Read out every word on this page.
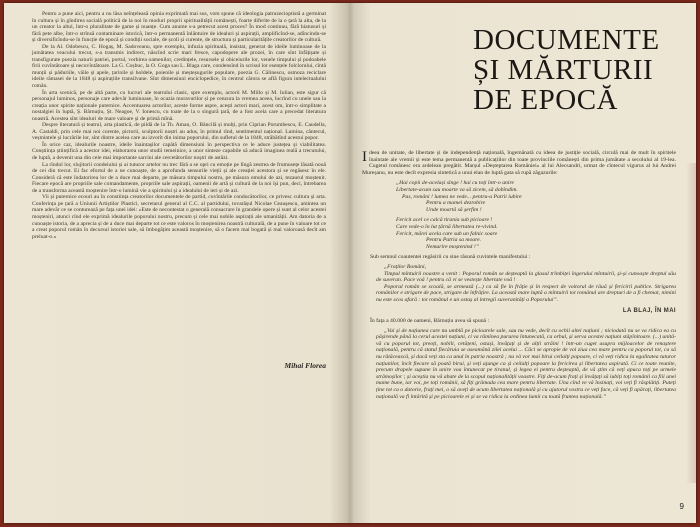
Pentru a pune aici, pentru a nu lăsa neînțeleasă opinia exprimată mai sus, vom spune că ideologia patruzecioptistă a germinat în cultura și în gîndirea socială politică de la noi în moduri proprii spiritualității românești, foarte diferite de la o țară la alta, de la un creator la altul, într-o pluralitate de game și nuanțe. Cum anume s-a petrecut acest proces? În mod continuu, fără hiatusuri și fără pete albe, într-o strînsă contaminare istorică, într-o permanentă înlăntuire de idealuri și aspirații, amplificînd-se, adîncindu-se și diversificîndu-se în funcție de epocă și condiții sociale, de școli și curente, de structura și particularitățile creatorilor de cultură.

De la Al. Odobescu, C. Hogaș, M. Sadoveanu, spre exemplu, infuzia spirituală, insistat, generat de ideile luminoase de la jumătatea veacului trecut, s-a transmis indirect, născînd scrie mari fresce, capodopere ale prozei, în care sînt înfățișate și transfigurate poezia naturii patriei, portul, vorbirea oamenilor, credințele, resursele și obiceiurile lor, venele timpului și podoabele firii cuvîntătoare și necuvîntătoare. La G. Coșbuc, la O. Goga sau L. Blaga care, condensînd în scrisul lor esențele folclorului, cîntă munții și păduriile, văile și apele, țarinile și holdele, poienile și meșteșugurile populare, poezia G. Călinescu, osmoza reciclare ideile rămasei de la 1848 și aspirațiile transilvane. Sînt dimensiuni enciclopedice, în centrul cărora se află figura intelectualului român.

În arta scenică, pe de altă parte, cu lucruri ale teatrului clasic, spre exemplu, actorii M. Millo și M. Iulian, este sigur că personajul luminos, personaje care adevăr luminoase, în ocazia moravurilor și pe cenzura la vremea aceea, lucrînd cu unele sau la creația unor spirite naționale puternice. Accentuarea actorilor, aceste forme aspre, acești actori mari, acest om, într-o simplitate a nostalgiei în luptă, Ș. Bărnuțiu, Șt. Neagoe, V. Ionescu, cu toate de la o singură țară, de a fost acela care a precedat literatura noastră. Acestea sînt idealuri de mare valoare și de primă mînă.

Despre literatură și teatrul, arta plastică, de pildă de la Th. Aman, O. Băncilă și mulți, prin Ciprian Porumbescu, E. Caudella, A. Castaldi, prin cele mai noi curente, pictorii, sculptorii noștri au adus, în primul rînd, sentimentul național. Lumina, cântecul, veșmintele și lucrările lor, sînt dintre acelea care au izvorît din inima poporului, din sufletul de la 1848, străbătînd acestui popor.

În orice caz, idealurile noastre, ideile înaintașilor capătă dimensiuni în perspectiva ce le aduce justețea și viabilitatea. Conștiința științifică a acestor idei, elaborarea unor studii temeinice, a unor sinteze capabile să aducă imaginea reală a trecutului, de luptă, a devenit una din cele mai importante sarcini ale cercetătorilor noștri de astăzi.

La rîndul lor, slujitorii condeiului și ai tuturor artelor nu trec fără a se opri cu emoție pe lîngă zestrea de frumusețe lăsată nouă de cei din trecut. Ei fac efortul de a ne cunoaște, de a aprofunda sensurile vieții și ale creației acestora și se regăsesc în ele. Consideră că este îndatorirea lor de a duce mai departe, pe măsura timpului nostru, pe măsura omului de azi, tezaurul moștenit. Fiecare epocă are propriile sale comandamente, propriile sale aspirații, oamenii de artă și cultură de la noi își pun, deci, întrebarea de a transforma această moștenire într-o lumină vie a spiritului și a idealului de ieri și de azi.

Vii și puternice ecouri au în constiința creatorilor documentele de partid, cuvîntările conducătorilor, ce privesc cultura și arta. Conferința pe țară a Uniunii Artiștilor Plastici, secretarul general al C.C. al partidului, tovarășul Nicolae Ceaușescu, amintea un mare adevăr ce se conturează pe fața unei idei: «Este de necontestat o generală consacrare în grandele opere și sunt al celor acestei moșteniri, atunci cînd ele exprimă idealurile poporului nostru, precum și cele mai nobile aspirații ale umanității. Am datoria de a cunoaște istoria, de a aprecia și de a duce mai departe tot ce este valoros în moștenirea noastră culturală, de a pune în valoare tot ce a creat poporul român în decursul istoriei sale, să îmbogățim această moștenire, să o facem mai bogată și mai valoroasă decît am preluat-o.»

Mihai Florea
DOCUMENTE
ȘI MĂRTURII
DE EPOCĂ

Ideea de unitate, de libertate și de independență națională, îngemănată cu ideea de justiție socială, circulă mai de mult în spiritele înaintate ale vremii și este tema permanentă a publicațiilor din toate provinciile românești din prima jumătate a secolului al 19-lea. Cugetul românesc era ardelean pregătit. Marșul «Deșteptarea României» al lui Alecsandri, urmat de cîntecul vigurus al lui Andrei Mureșanu, nu este decît expresia sintetică a unui elan de luptă gata să rupă zăgazurile:

„Hai copii de-același sînge ! hai cu toți într-o unire

Libertate-acum sau moarte va să zicem, să dobîndim.

Pas, români ! lumea ne vede... pentru-a Patrii iubire

Pentru a mamei dezrobire

Unde moartă să șerfim !

Fericit acel ce calcă tirania sub picioare !

Care vede-o în lut țărnă libertatea re-vivind.

Fericit, mărei acela care sub un falnic soare

Pentru Patria sa moare.

Nemurire moștenind !”

Sub semnul coautentei regăsirii cu sine răsună cuvintele manifestului :

„Fraților Români,

Timpul mîntuirii noastre a venit : Poporul român se deșteaptă la glasul trîmbiței îngerului mîntuirii, și-și cunoaște dreptul său de suveran. Pace voă ! pentru că vi se vestește libertate voă !

Poporul român se scoală, se armează (...) ca să fie în frăție și în respect de voitorul de răuă și fericirii publice. Strigarea românilor e strigare de pace, strigare de înfrățire. La această mare luptă a mîntuirii tot românul are drepturi de a fi chemat, nimini nu este scos afară : tot românul e un ostaș al intregii suveranități a Poporului”.

LA BLAJ, ÎN MAI

În fața a 40.000 de oameni, Bărnuțiu avea să spună :

„Vai și de națiunea care nu umblă pe picioarele sale, sau nu vede, decît cu ochii altei națiuni ; niciodată nu se va ridica ea cu pășirende până la cerul acestei națiuni, ci va rămînea pururea întunecată, ca orbul, și serva acestei națiuni stăpînitoare. (...) unită-vă cu poporul tot, preoți, nobili, cetățeni, ostași, învățați și de alții străini ! într-un cuget asupra mijloacelor de renaștere națională, pentru că statul fiecăruia se aseamănă zilei acelui ... Căci se apropie de voi ziua cea mare pentru ca poporul tot, ca să nu rătăcească, și dacă veți sta ca unul în patria noastră ; nu vă vor mai birui ceilalți popoare, ci vă veți ridica la egalitatea tuturor națiunilor, încît fiecare să poată birui, și veți ajunge ca și ceilalți popoare la fericirea și libertatea aspirată. Ci ce toate reunite, precum drapele supune în unire voa întunecat pe tiranul, și legea ei pentru deșteaptă, de vă știm că veți apuca toți pe urmele strămoșilor ; și aceștia nu vă abate de la scopul naționalității voastre. Fiți de-acum frați și învățați să iubiți toți românii ca fiii unei mame bune, iar voi, pe toți românii, să fiți grămada cea mare pentru libertate. Una cînd ve vă însinați, voi veți fi răsplătiți. Puteți ține tot ca o datorie, frați mei, o să aveți de acum libertatea națională și cu ajutorul vostru ce veți face, că veți fi apărați, libertatea națională va fi întărită și pe picioarele ei și se va ridica la ordinea lumii cu toată fruntea națională.”

9
